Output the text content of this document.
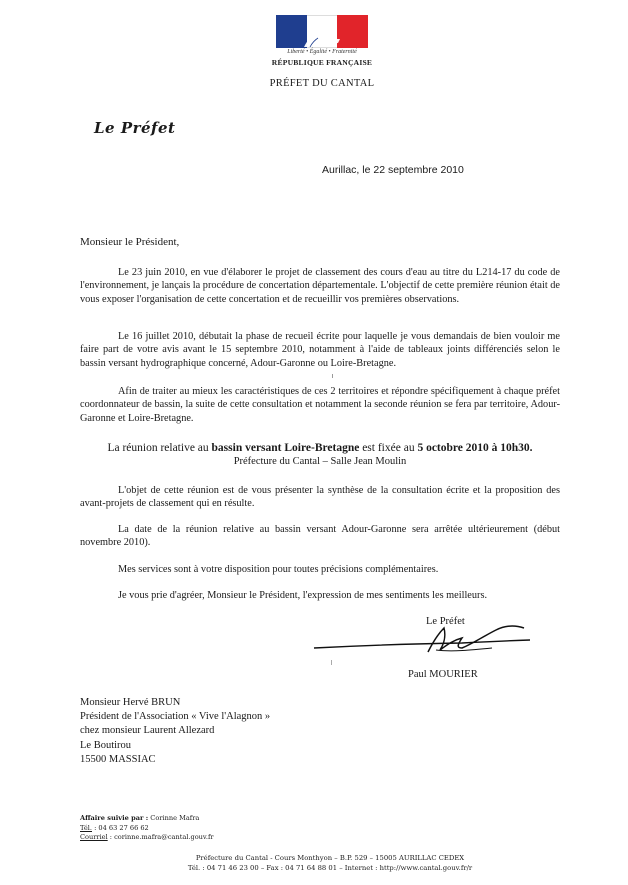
Liberté • Égalité • Fraternité
RÉPUBLIQUE FRANÇAISE
PRÉFET DU CANTAL
Le Préfet
Aurillac, le 22 septembre 2010
Monsieur le Président,
Le 23 juin 2010, en vue d'élaborer le projet de classement des cours d'eau au titre du L214-17 du code de l'environnement, je lançais la procédure de concertation départementale. L'objectif de cette première réunion était de vous exposer l'organisation de cette concertation et de recueillir vos premières observations.
Le 16 juillet 2010, débutait la phase de recueil écrite pour laquelle je vous demandais de bien vouloir me faire part de votre avis avant le 15 septembre 2010, notamment à l'aide de tableaux joints différenciés selon le bassin versant hydrographique concerné, Adour-Garonne ou Loire-Bretagne.
Afin de traiter au mieux les caractéristiques de ces 2 territoires et répondre spécifiquement à chaque préfet coordonnateur de bassin, la suite de cette consultation et notamment la seconde réunion se fera par territoire, Adour-Garonne et Loire-Bretagne.
La réunion relative au bassin versant Loire-Bretagne est fixée au 5 octobre 2010 à 10h30.
Préfecture du Cantal – Salle Jean Moulin
L'objet de cette réunion est de vous présenter la synthèse de la consultation écrite et la proposition des avant-projets de classement qui en résulte.
La date de la réunion relative au bassin versant Adour-Garonne sera arrêtée ultérieurement (début novembre 2010).
Mes services sont à votre disposition pour toutes précisions complémentaires.
Je vous prie d'agréer, Monsieur le Président, l'expression de mes sentiments les meilleurs.
Le Préfet
Paul MOURIER
Monsieur Hervé BRUN
Président de l'Association « Vive l'Alagnon »
chez monsieur Laurent Allezard
Le Boutirou
15500 MASSIAC
Affaire suivie par : Corinne Mafra
Tél. : 04 63 27 66 62
Courriel : corinne.mafra@cantal.gouv.fr
Préfecture du Cantal - Cours Monthyon – B.P. 529 – 15005 AURILLAC CEDEX
Tél. : 04 71 46 23 00 – Fax : 04 71 64 88 01 – Internet : http://www.cantal.gouv.fr/r
